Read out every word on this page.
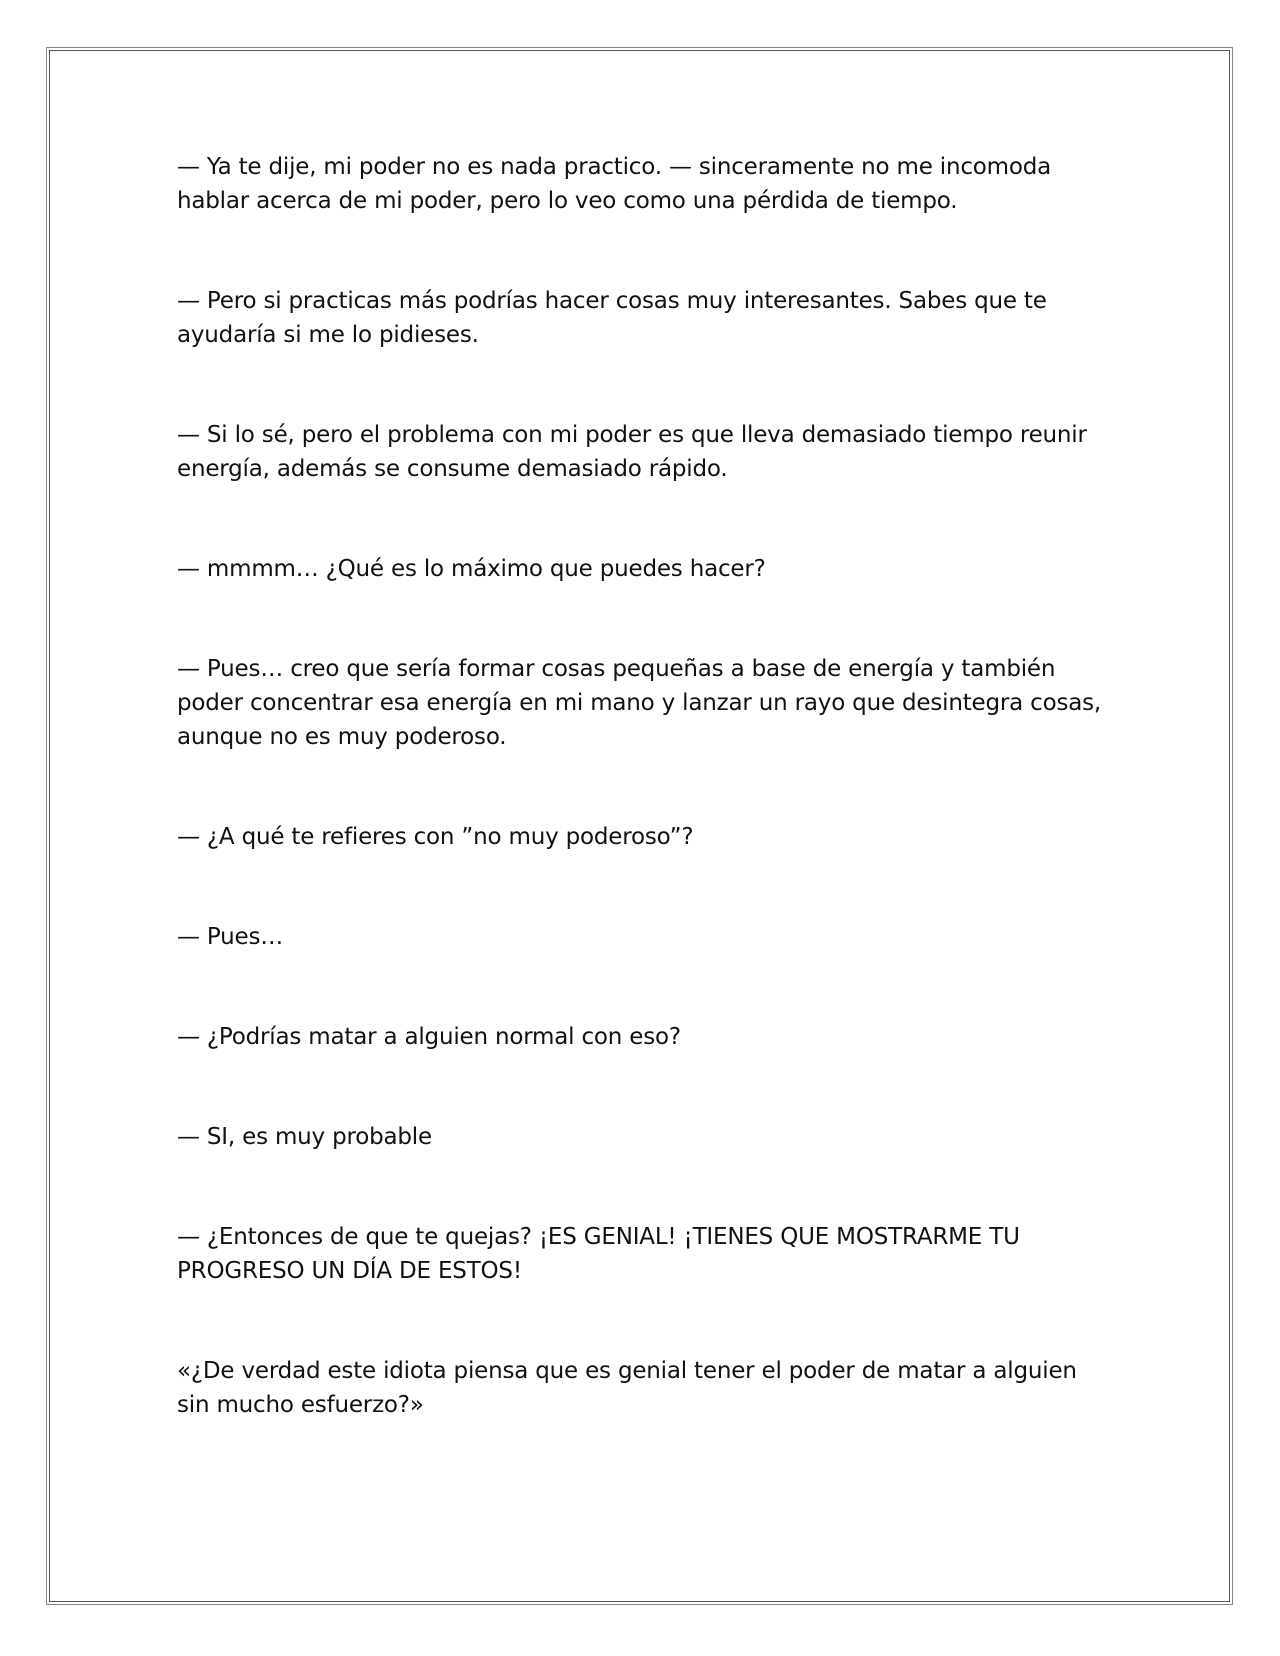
— Ya te dije, mi poder no es nada practico. — sinceramente no me incomoda hablar acerca de mi poder, pero lo veo como una pérdida de tiempo.

— Pero si practicas más podrías hacer cosas muy interesantes. Sabes que te ayudaría si me lo pidieses.

— Si lo sé, pero el problema con mi poder es que lleva demasiado tiempo reunir energía, además se consume demasiado rápido.

— mmmm… ¿Qué es lo máximo que puedes hacer?

— Pues… creo que sería formar cosas pequeñas a base de energía y también poder concentrar esa energía en mi mano y lanzar un rayo que desintegra cosas, aunque no es muy poderoso.

— ¿A qué te refieres con ”no muy poderoso”?

— Pues…

— ¿Podrías matar a alguien normal con eso?

— SI, es muy probable

— ¿Entonces de que te quejas? ¡ES GENIAL! ¡TIENES QUE MOSTRARME TU PROGRESO UN DÍA DE ESTOS!

«¿De verdad este idiota piensa que es genial tener el poder de matar a alguien sin mucho esfuerzo?»
